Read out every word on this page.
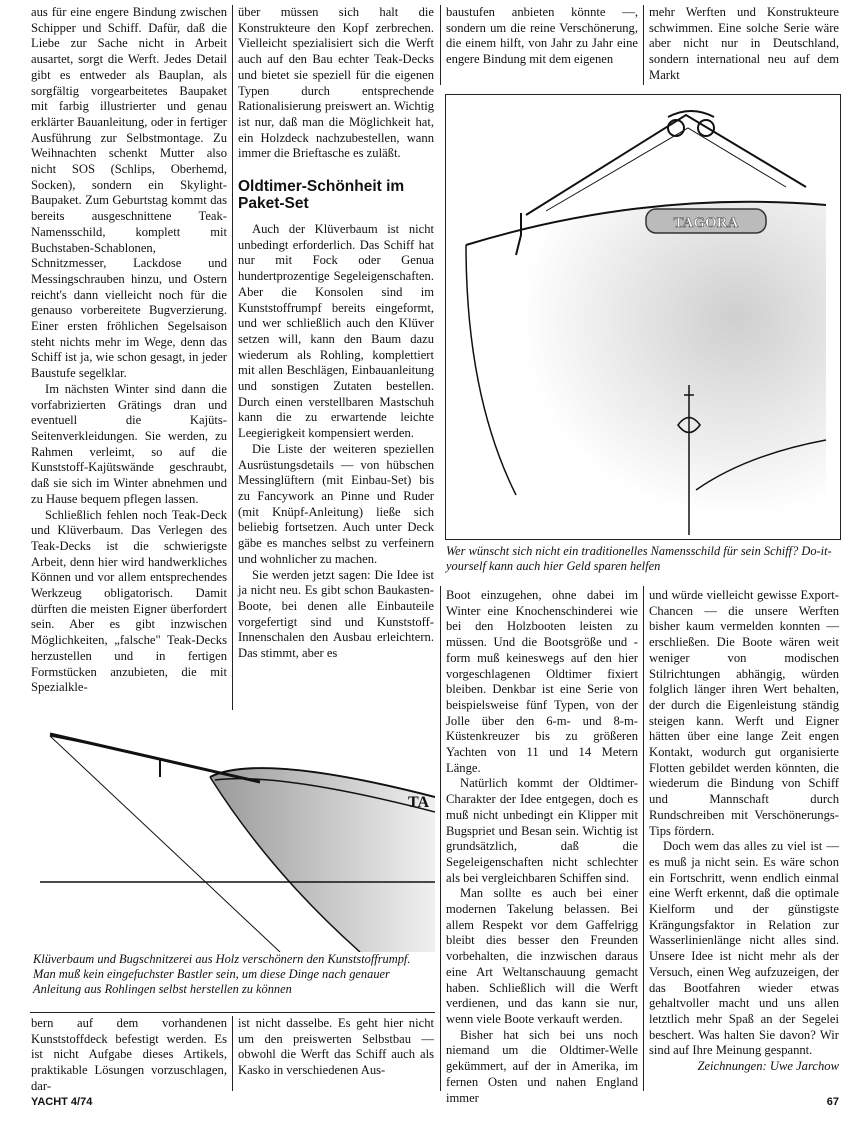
aus für eine engere Bindung zwischen Schipper und Schiff. Dafür, daß die Liebe zur Sache nicht in Arbeit ausartet, sorgt die Werft. Jedes Detail gibt es entweder als Bauplan, als sorgfältig vorgearbeitetes Baupaket mit farbig illustrierter und genau erklärter Bauanleitung, oder in fertiger Ausführung zur Selbstmontage. Zu Weihnachten schenkt Mutter also nicht SOS (Schlips, Oberhemd, Socken), sondern ein Skylight-Baupaket. Zum Geburtstag kommt das bereits ausgeschnittene Teak-Namensschild, komplett mit Buchstaben-Schablonen, Schnitzmesser, Lackdose und Messingschrauben hinzu, und Ostern reicht's dann vielleicht noch für die genauso vorbereitete Bugverzierung. Einer ersten fröhlichen Segelsaison steht nichts mehr im Wege, denn das Schiff ist ja, wie schon gesagt, in jeder Baustufe segelklar.

Im nächsten Winter sind dann die vorfabrizierten Grätings dran und eventuell die Kajüts-Seitenverkleidungen. Sie werden, zu Rahmen verleimt, so auf die Kunststoff-Kajütswände geschraubt, daß sie sich im Winter abnehmen und zu Hause bequem pflegen lassen.

Schließlich fehlen noch Teak-Deck und Klüverbaum. Das Verlegen des Teak-Decks ist die schwierigste Arbeit, denn hier wird handwerkliches Können und vor allem entsprechendes Werkzeug obligatorisch. Damit dürften die meisten Eigner überfordert sein. Aber es gibt inzwischen Möglichkeiten, „falsche" Teak-Decks herzustellen und in fertigen Formstücken anzubieten, die mit Spezialkle-

über müssen sich halt die Konstrukteure den Kopf zerbrechen. Vielleicht spezialisiert sich die Werft auch auf den Bau echter Teak-Decks und bietet sie speziell für die eigenen Typen durch entsprechende Rationalisierung preiswert an. Wichtig ist nur, daß man die Möglichkeit hat, ein Holzdeck nachzubestellen, wann immer die Brieftasche es zuläßt.

Oldtimer-Schönheit im Paket-Set

Auch der Klüverbaum ist nicht unbedingt erforderlich. Das Schiff hat nur mit Fock oder Genua hundertprozentige Segeleigenschaften. Aber die Konsolen sind im Kunststoffrumpf bereits eingeformt, und wer schließlich auch den Klüver setzen will, kann den Baum dazu wiederum als Rohling, komplettiert mit allen Beschlägen, Einbauanleitung und sonstigen Zutaten bestellen. Durch einen verstellbaren Mastschuh kann die zu erwartende leichte Leegierigkeit kompensiert werden.

Die Liste der weiteren speziellen Ausrüstungsdetails — von hübschen Messinglüftern (mit Einbau-Set) bis zu Fancywork an Pinne und Ruder (mit Knüpf-Anleitung) ließe sich beliebig fortsetzen. Auch unter Deck gäbe es manches selbst zu verfeinern und wohnlicher zu machen.

Sie werden jetzt sagen: Die Idee ist ja nicht neu. Es gibt schon Baukasten-Boote, bei denen alle Einbauteile vorgefertigt sind und Kunststoff-Innenschalen den Ausbau erleichtern. Das stimmt, aber es

baustufen anbieten könnte —, sondern um die reine Verschönerung, die einem hilft, von Jahr zu Jahr eine engere Bindung mit dem eigenen

mehr Werften und Konstrukteure schwimmen. Eine solche Serie wäre aber nicht nur in Deutschland, sondern international neu auf dem Markt

TAGORA
Wer wünscht sich nicht ein traditionelles Namensschild für sein Schiff? Do-it-yourself kann auch hier Geld sparen helfen
TA
Klüverbaum und Bugschnitzerei aus Holz verschönern den Kunststoffrumpf. Man muß kein eingefuchster Bastler sein, um diese Dinge nach genauer Anleitung aus Rohlingen selbst herstellen zu können

bern auf dem vorhandenen Kunststoffdeck befestigt werden. Es ist nicht Aufgabe dieses Artikels, praktikable Lösungen vorzuschlagen, dar-

ist nicht dasselbe. Es geht hier nicht um den preiswerten Selbstbau — obwohl die Werft das Schiff auch als Kasko in verschiedenen Aus-

Boot einzugehen, ohne dabei im Winter eine Knochenschinderei wie bei den Holzbooten leisten zu müssen. Und die Bootsgröße und -form muß keineswegs auf den hier vorgeschlagenen Oldtimer fixiert bleiben. Denkbar ist eine Serie von beispielsweise fünf Typen, von der Jolle über den 6-m- und 8-m-Küstenkreuzer bis zu größeren Yachten von 11 und 14 Metern Länge.

Natürlich kommt der Oldtimer-Charakter der Idee entgegen, doch es muß nicht unbedingt ein Klipper mit Bugspriet und Besan sein. Wichtig ist grundsätzlich, daß die Segeleigenschaften nicht schlechter als bei vergleichbaren Schiffen sind.

Man sollte es auch bei einer modernen Takelung belassen. Bei allem Respekt vor dem Gaffelrigg bleibt dies besser den Freunden vorbehalten, die inzwischen daraus eine Art Weltanschauung gemacht haben. Schließlich will die Werft verdienen, und das kann sie nur, wenn viele Boote verkauft werden.

Bisher hat sich bei uns noch niemand um die Oldtimer-Welle gekümmert, auf der in Amerika, im fernen Osten und nahen England immer

und würde vielleicht gewisse Export-Chancen — die unsere Werften bisher kaum vermelden konnten — erschließen. Die Boote wären weit weniger von modischen Stilrichtungen abhängig, würden folglich länger ihren Wert behalten, der durch die Eigenleistung ständig steigen kann. Werft und Eigner hätten über eine lange Zeit engen Kontakt, wodurch gut organisierte Flotten gebildet werden könnten, die wiederum die Bindung von Schiff und Mannschaft durch Rundschreiben mit Verschönerungs-Tips fördern.

Doch wem das alles zu viel ist — es muß ja nicht sein. Es wäre schon ein Fortschritt, wenn endlich einmal eine Werft erkennt, daß die optimale Kielform und der günstigste Krängungsfaktor in Relation zur Wasserlinienlänge nicht alles sind. Unsere Idee ist nicht mehr als der Versuch, einen Weg aufzuzeigen, der das Bootfahren wieder etwas gehaltvoller macht und uns allen letztlich mehr Spaß an der Segelei beschert. Was halten Sie davon? Wir sind auf Ihre Meinung gespannt.

Zeichnungen: Uwe Jarchow

YACHT 4/74	67
